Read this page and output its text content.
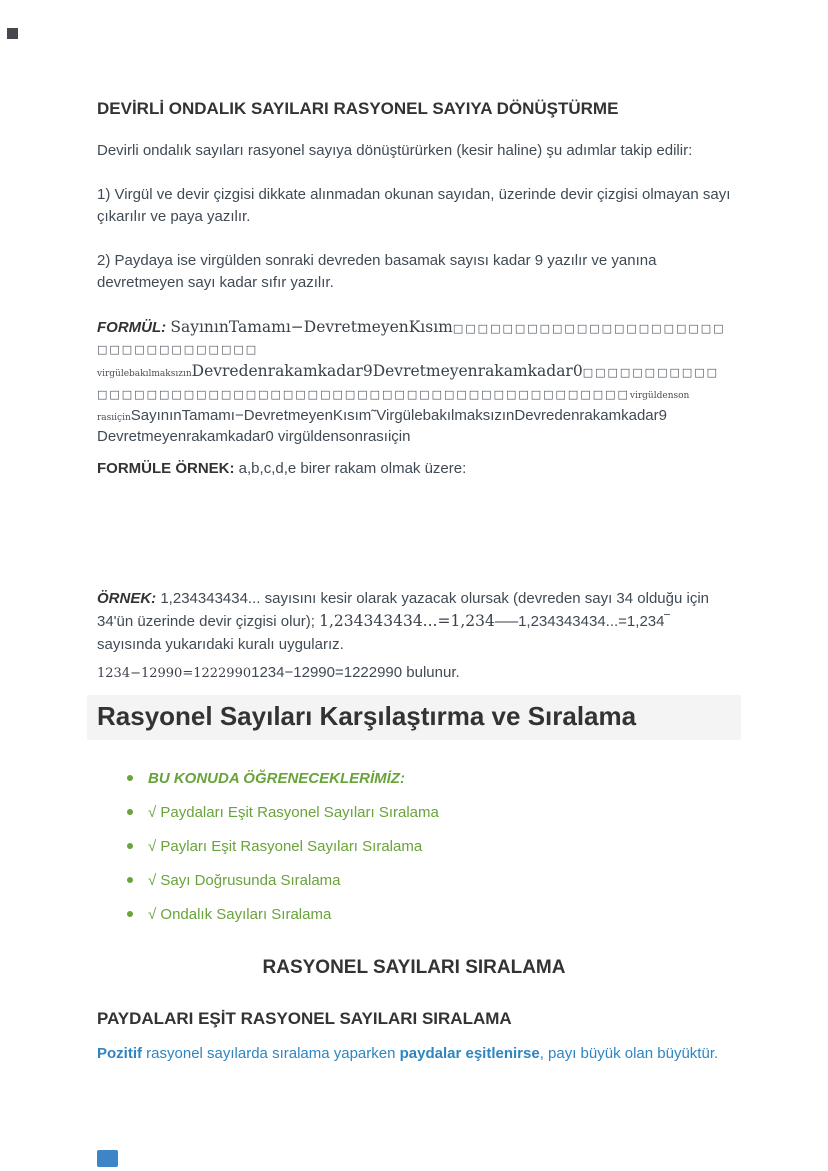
DEVİRLİ ONDALIK SAYILARI RASYONEL SAYIYA DÖNÜŞTÜRME

Devirli ondalık sayıları rasyonel sayıya dönüştürürken (kesir haline) şu adımlar takip edilir:

1) Virgül ve devir çizgisi dikkate alınmadan okunan sayıdan, üzerinde devir çizgisi olmayan sayı çıkarılır ve paya yazılır.

2) Paydaya ise virgülden sonraki devreden basamak sayısı kadar 9 yazılır ve yanına devretmeyen sayı kadar sıfır yazılır.

FORMÜL: SayınınTamamı−DevretmeyenKısım□□□□□□□□□□□□□□□□□□□□□□□□□□□□□□□□□□□virgülebakılmaksızınDevredenrakamkadar9Devretmeyenrakamkadar0□□□□□□□□□□□□□□□□□□□□□□□□□□□□□□□□□□□□□□□□□□□□□□□□□□□□□□virgüldenson rasıiçinSayınınTamamı−DevretmeyenKısım˜VirgülebakılmaksızınDevredenrakamkadar9 Devretmeyenrakamkadar0 virgüldensonrasıiçin

FORMÜLE ÖRNEK: a,b,c,d,e birer rakam olmak üzere:

ÖRNEK: 1,234343434... sayısını kesir olarak yazacak olursak (devreden sayı 34 olduğu için 34'ün üzerinde devir çizgisi olur); 1,234343434...=1,234⎯⎯⎯1,234343434...=1,234‾ sayısında yukarıdaki kuralı uygularız.

1234−12990=12229901234−12990=1222990 bulunur.

Rasyonel Sayıları Karşılaştırma ve Sıralama
BU KONUDA ÖĞRENECEKLERİMİZ:
√ Paydaları Eşit Rasyonel Sayıları Sıralama
√ Payları Eşit Rasyonel Sayıları Sıralama
√ Sayı Doğrusunda Sıralama
√ Ondalık Sayıları Sıralama
RASYONEL SAYILARI SIRALAMA
PAYDALARI EŞİT RASYONEL SAYILARI SIRALAMA

Pozitif rasyonel sayılarda sıralama yaparken paydalar eşitlenirse, payı büyük olan büyüktür.
